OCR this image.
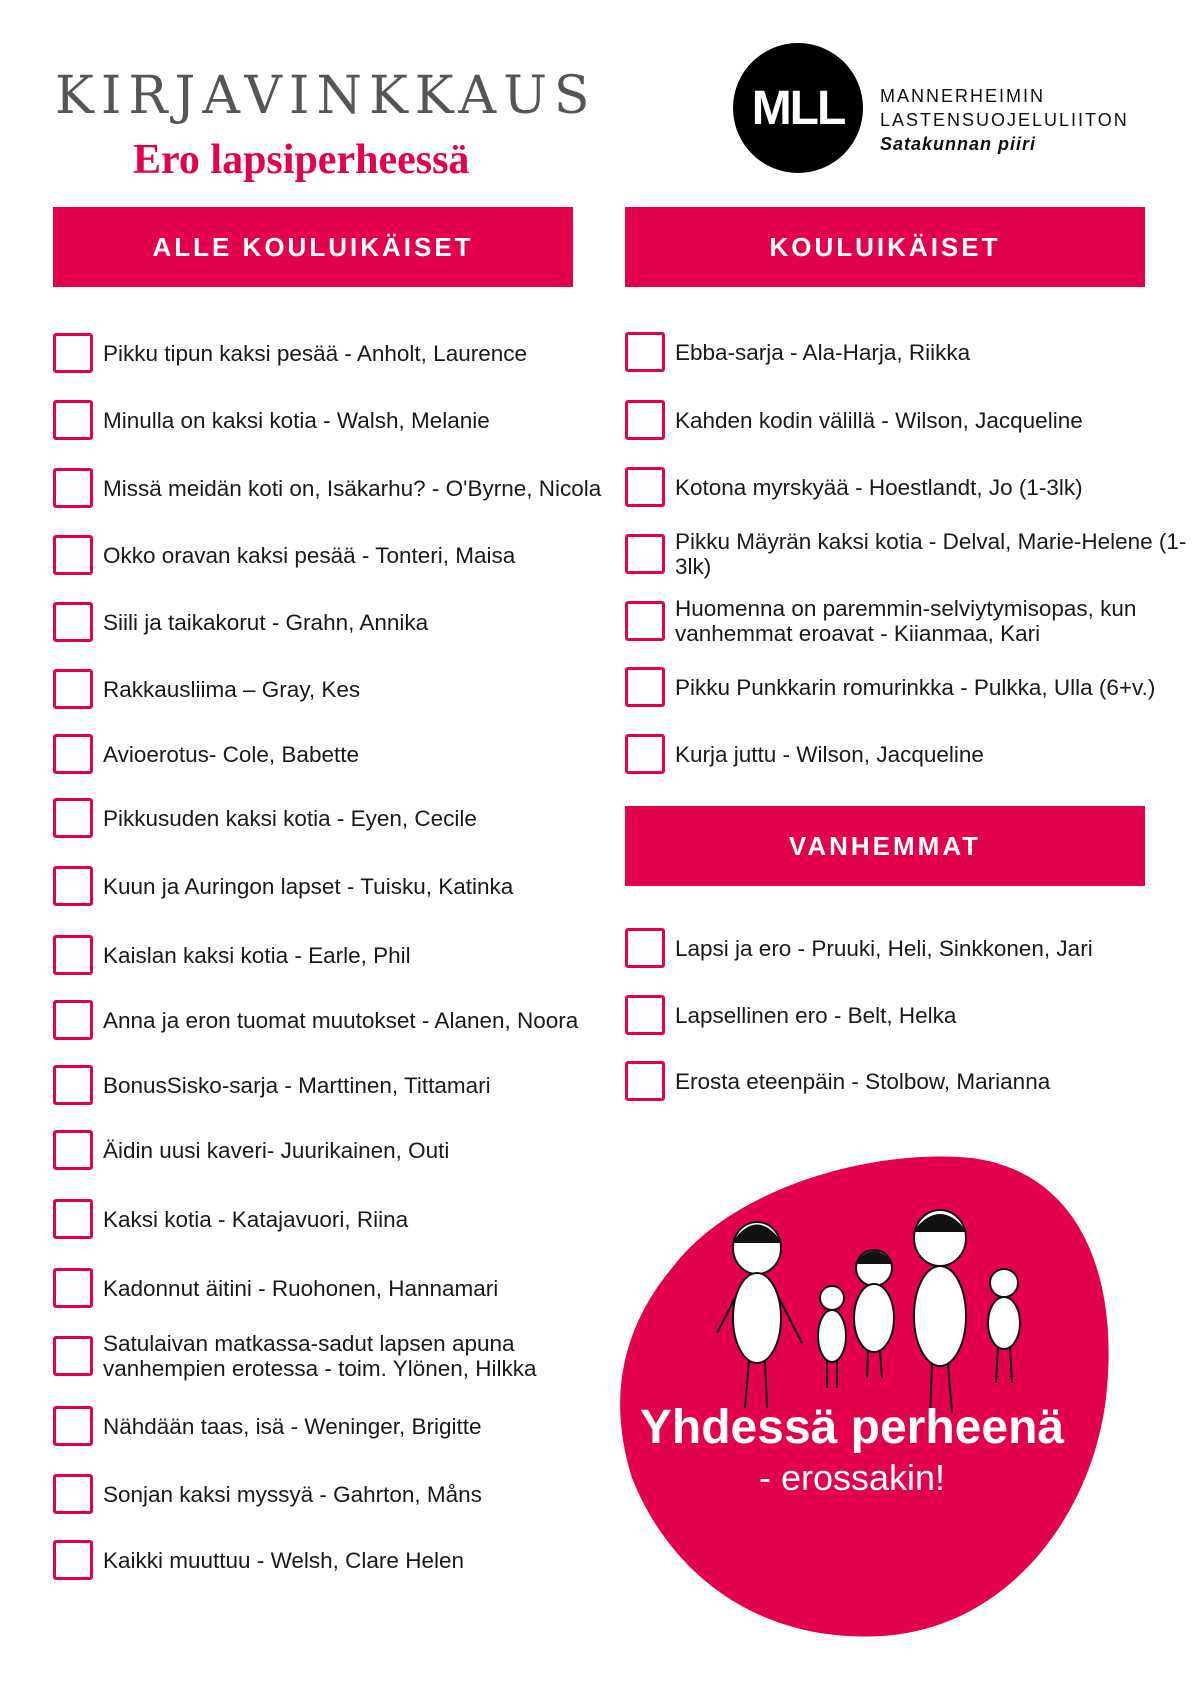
KIRJAVINKKAUS
Ero lapsiperheessä
MLL MANNERHEIMIN
LASTENSUOJELULIITON
Satakunnan piiri
ALLE KOULUIKÄISET	KOULUIKÄISET
VANHEMMAT
Pikku tipun kaksi pesää - Anholt, Laurence
Minulla on kaksi kotia - Walsh, Melanie
Missä meidän koti on, Isäkarhu? - O'Byrne, Nicola
Okko oravan kaksi pesää - Tonteri, Maisa
Siili ja taikakorut - Grahn, Annika
Rakkausliima – Gray, Kes
Avioerotus- Cole, Babette
Pikkusuden kaksi kotia - Eyen, Cecile
Kuun ja Auringon lapset - Tuisku, Katinka
Kaislan kaksi kotia - Earle, Phil
Anna ja eron tuomat muutokset - Alanen, Noora
BonusSisko-sarja - Marttinen, Tittamari
Äidin uusi kaveri- Juurikainen, Outi
Kaksi kotia - Katajavuori, Riina
Kadonnut äitini - Ruohonen, Hannamari
Satulaivan matkassa-sadut lapsen apuna vanhempien erotessa - toim. Ylönen, Hilkka
Nähdään taas, isä - Weninger, Brigitte
Sonjan kaksi myssyä - Gahrton, Måns
Kaikki muuttuu - Welsh, Clare Helen
Ebba-sarja - Ala-Harja, Riikka
Kahden kodin välillä - Wilson, Jacqueline
Kotona myrskyää - Hoestlandt, Jo (1-3lk)
Pikku Mäyrän kaksi kotia - Delval, Marie-Helene (1-3lk)
Huomenna on paremmin-selviytymisopas, kun vanhemmat eroavat - Kiianmaa, Kari
Pikku Punkkarin romurinkka - Pulkka, Ulla (6+v.)
Kurja juttu - Wilson, Jacqueline
Lapsi ja ero - Pruuki, Heli, Sinkkonen, Jari
Lapsellinen ero - Belt, Helka
Erosta eteenpäin - Stolbow, Marianna
Yhdessä perheenä
- erossakin!
